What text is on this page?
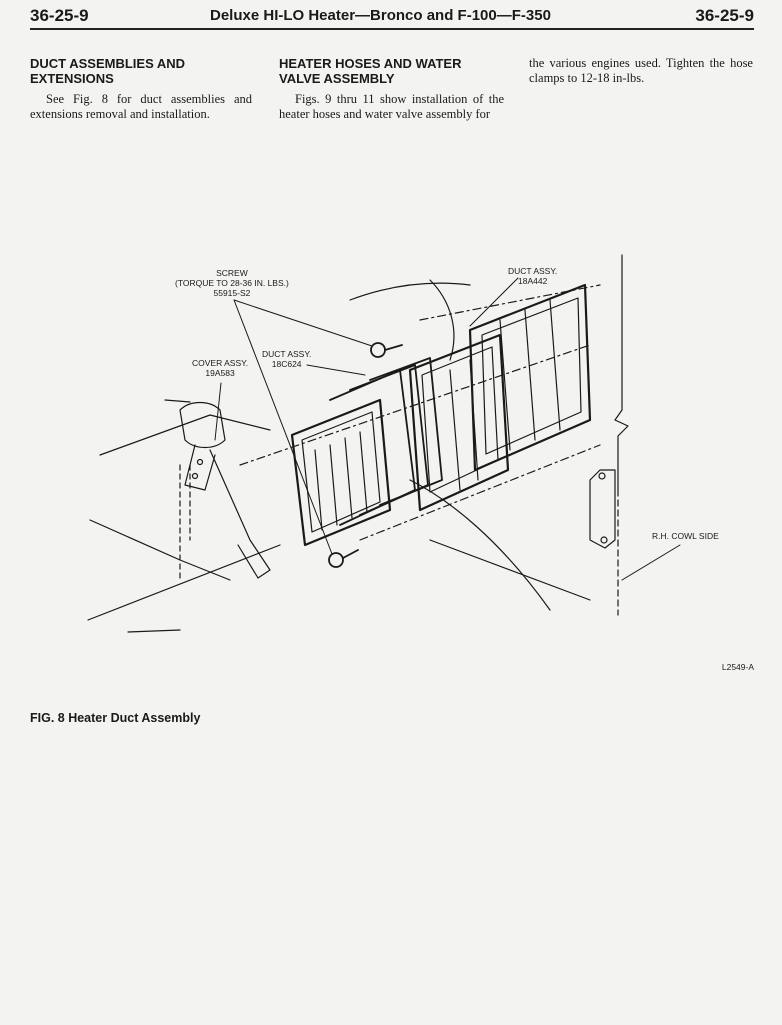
36-25-9	Deluxe HI-LO Heater—Bronco and F-100—F-350	36-25-9
DUCT ASSEMBLIES AND EXTENSIONS

See Fig. 8 for duct assemblies and extensions removal and installation.

HEATER HOSES AND WATER VALVE ASSEMBLY

Figs. 9 thru 11 show installation of the heater hoses and water valve assembly for

the various engines used. Tighten the hose clamps to 12-18 in-lbs.

SCREW
(TORQUE TO 28-36 IN. LBS.)
55915-S2
DUCT ASSY.
18A442
DUCT ASSY.
18C624
COVER ASSY.
19A583
R.H. COWL SIDE
L2549-A
FIG. 8 Heater Duct Assembly
